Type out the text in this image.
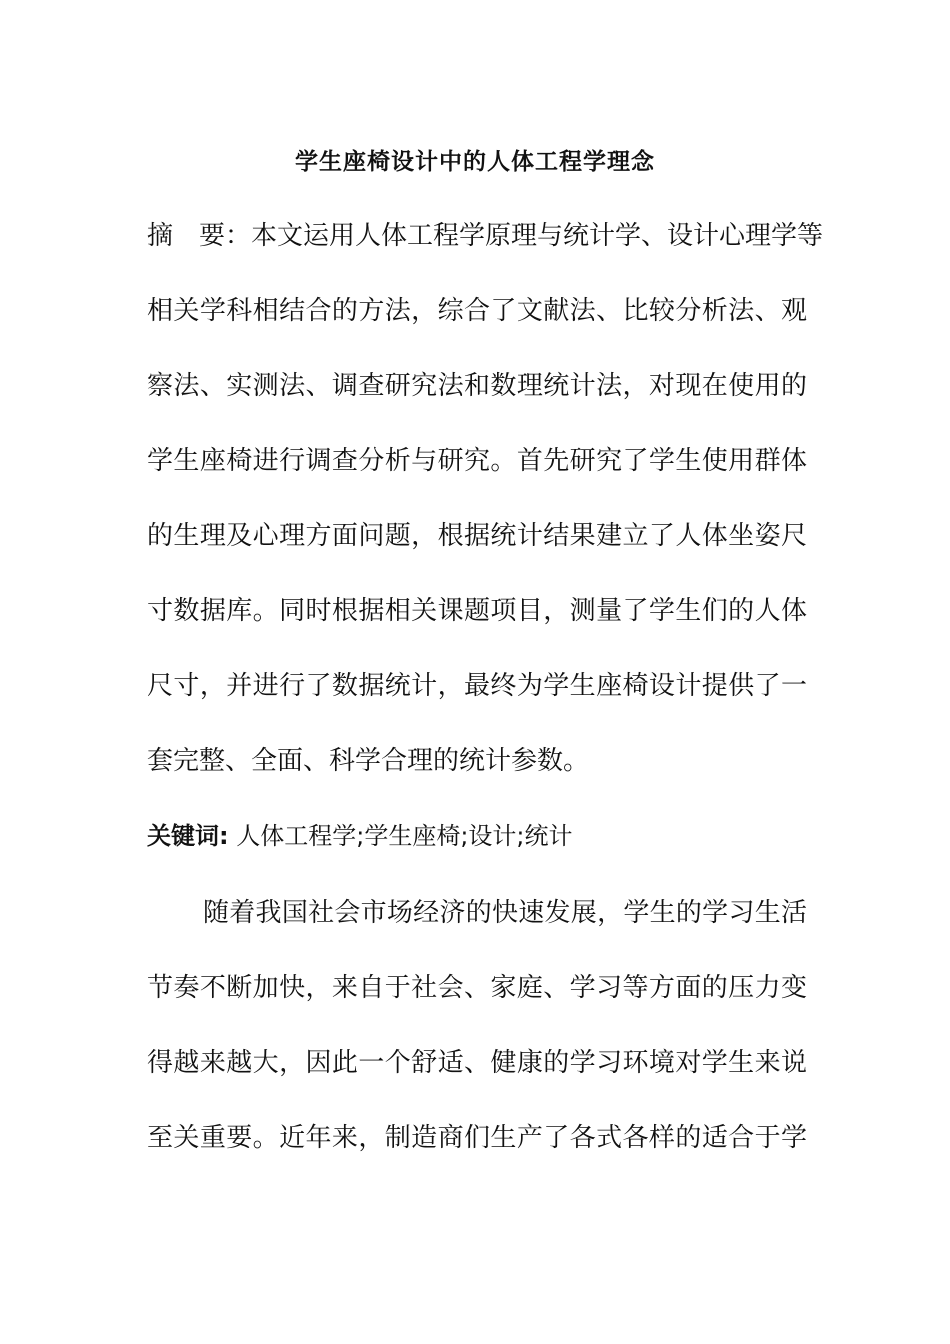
学生座椅设计中的人体工程学理念
摘　要：本文运用人体工程学原理与统计学、设计心理学等
相关学科相结合的方法，综合了文献法、比较分析法、观
察法、实测法、调查研究法和数理统计法，对现在使用的
学生座椅进行调查分析与研究。首先研究了学生使用群体
的生理及心理方面问题，根据统计结果建立了人体坐姿尺
寸数据库。同时根据相关课题项目，测量了学生们的人体
尺寸，并进行了数据统计，最终为学生座椅设计提供了一
套完整、全面、科学合理的统计参数。
关键词: 人体工程学;学生座椅;设计;统计
随着我国社会市场经济的快速发展，学生的学习生活
节奏不断加快，来自于社会、家庭、学习等方面的压力变
得越来越大，因此一个舒适、健康的学习环境对学生来说
至关重要。近年来，制造商们生产了各式各样的适合于学
